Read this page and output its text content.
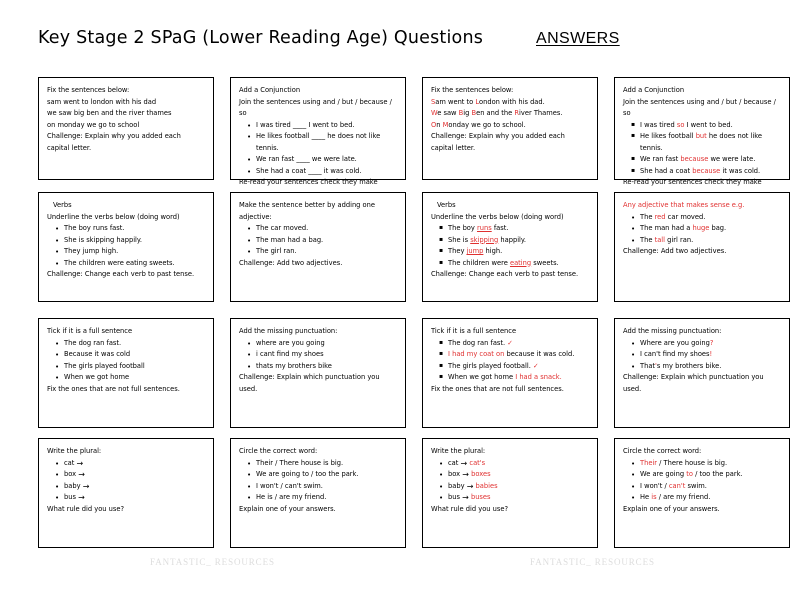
Key Stage 2 SPaG (Lower Reading Age) Questions	ANSWERS
Fix the sentences below:
sam went to london with his dad
we saw big ben and the river thames
on monday we go to school
Challenge: Explain why you added each capital letter.
Add a Conjunction
Join the sentences using and / but / because / so
• I was tired ____ I went to bed.
• He likes football ____ he does not like tennis.
• We ran fast ____ we were late.
• She had a coat ____ it was cold.
Re-read your sentences check they make
Fix the sentences below:
Sam went to London with his dad.
We saw Big Ben and the River Thames.
On Monday we go to school.
Challenge: Explain why you added each capital letter.
Add a Conjunction
Join the sentences using and / but / because / so
▪ I was tired so I went to bed.
▪ He likes football but he does not like tennis.
▪ We ran fast because we were late.
▪ She had a coat because it was cold.
Re-read your sentences check they make
Verbs
Underline the verbs below (doing word)
• The boy runs fast.
• She is skipping happily.
• They jump high.
• The children were eating sweets.
Challenge: Change each verb to past tense.
Make the sentence better by adding one adjective:
• The car moved.
• The man had a bag.
• The girl ran.
Challenge: Add two adjectives.
Verbs
Underline the verbs below (doing word)
▪ The boy runs fast.
▪ She is skipping happily.
▪ They jump high.
▪ The children were eating sweets.
Challenge: Change each verb to past tense.
Any adjective that makes sense e.g.
• The red car moved.
• The man had a huge bag.
• The tall girl ran.
Challenge: Add two adjectives.
Tick if it is a full sentence
• The dog ran fast.
• Because it was cold
• The girls played football
• When we got home
Fix the ones that are not full sentences.
Add the missing punctuation:
• where are you going
• i cant find my shoes
• thats my brothers bike
Challenge: Explain which punctuation you used.
Tick if it is a full sentence
▪ The dog ran fast. ✓
▪ I had my coat on because it was cold.
▪ The girls played football. ✓
▪ When we got home I had a snack.
Fix the ones that are not full sentences.
Add the missing punctuation:
• Where are you going?
• I can't find my shoes!
• That's my brothers bike.
Challenge: Explain which punctuation you used.
Write the plural:
• cat →
• box →
• baby →
• bus →
What rule did you use?
Circle the correct word:
• Their / There house is big.
• We are going to / too the park.
• I won't / can't swim.
• He is / are my friend.
Explain one of your answers.
Write the plural:
• cat → cat's
• box → boxes
• baby → babies
• bus → buses
What rule did you use?
Circle the correct word:
• Their / There house is big.
• We are going to / too the park.
• I won't / can't swim.
• He is / are my friend.
Explain one of your answers.
FANTASTIC_ RESOURCES	FANTASTIC_ RESOURCES
